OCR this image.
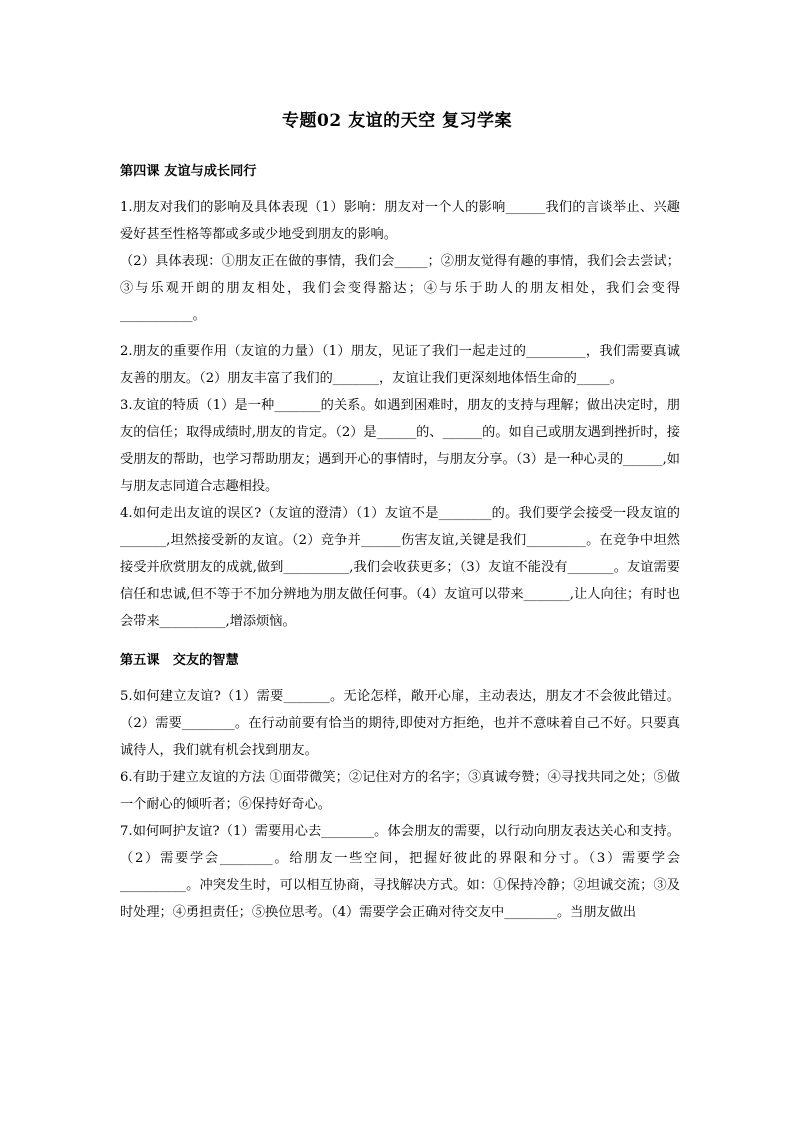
专题02 友谊的天空 复习学案

第四课 友谊与成长同行

1.朋友对我们的影响及具体表现（1）影响：朋友对一个人的影响______我们的言谈举止、兴趣爱好甚至性格等都或多或少地受到朋友的影响。

（2）具体表现：①朋友正在做的事情，我们会_____；②朋友觉得有趣的事情，我们会去尝试；③与乐观开朗的朋友相处，我们会变得豁达；④与乐于助人的朋友相处，我们会变得___________。

2.朋友的重要作用（友谊的力量）（1）朋友，见证了我们一起走过的_________，我们需要真诚友善的朋友。（2）朋友丰富了我们的_______，友谊让我们更深刻地体悟生命的_____。

3.友谊的特质（1）是一种_______的关系。如遇到困难时，朋友的支持与理解；做出决定时，朋友的信任；取得成绩时,朋友的肯定。（2）是______的、______的。如自己或朋友遇到挫折时，接受朋友的帮助，也学习帮助朋友；遇到开心的事情时，与朋友分享。（3）是一种心灵的______,如与朋友志同道合志趣相投。

4.如何走出友谊的误区?（友谊的澄清）（1）友谊不是________的。我们要学会接受一段友谊的_______,坦然接受新的友谊。（2）竞争并______伤害友谊,关键是我们_________。在竞争中坦然接受并欣赏朋友的成就,做到__________,我们会收获更多；（3）友谊不能没有_______。友谊需要信任和忠诚,但不等于不加分辨地为朋友做任何事。（4）友谊可以带来_______,让人向往；有时也会带来__________,增添烦恼。

第五课　交友的智慧

5.如何建立友谊?（1）需要_______。无论怎样，敞开心扉，主动表达，朋友才不会彼此错过。（2）需要________。在行动前要有恰当的期待,即使对方拒绝，也并不意味着自己不好。只要真诚待人，我们就有机会找到朋友。

6.有助于建立友谊的方法 ①面带微笑；②记住对方的名字；③真诚夸赞；④寻找共同之处；⑤做一个耐心的倾听者；⑥保持好奇心。

7.如何呵护友谊?（1）需要用心去________。体会朋友的需要，以行动向朋友表达关心和支持。（2）需要学会________。给朋友一些空间，把握好彼此的界限和分寸。（3）需要学会__________。冲突发生时，可以相互协商，寻找解决方式。如：①保持冷静；②坦诚交流；③及时处理；④勇担责任；⑤换位思考。（4）需要学会正确对待交友中________。当朋友做出
